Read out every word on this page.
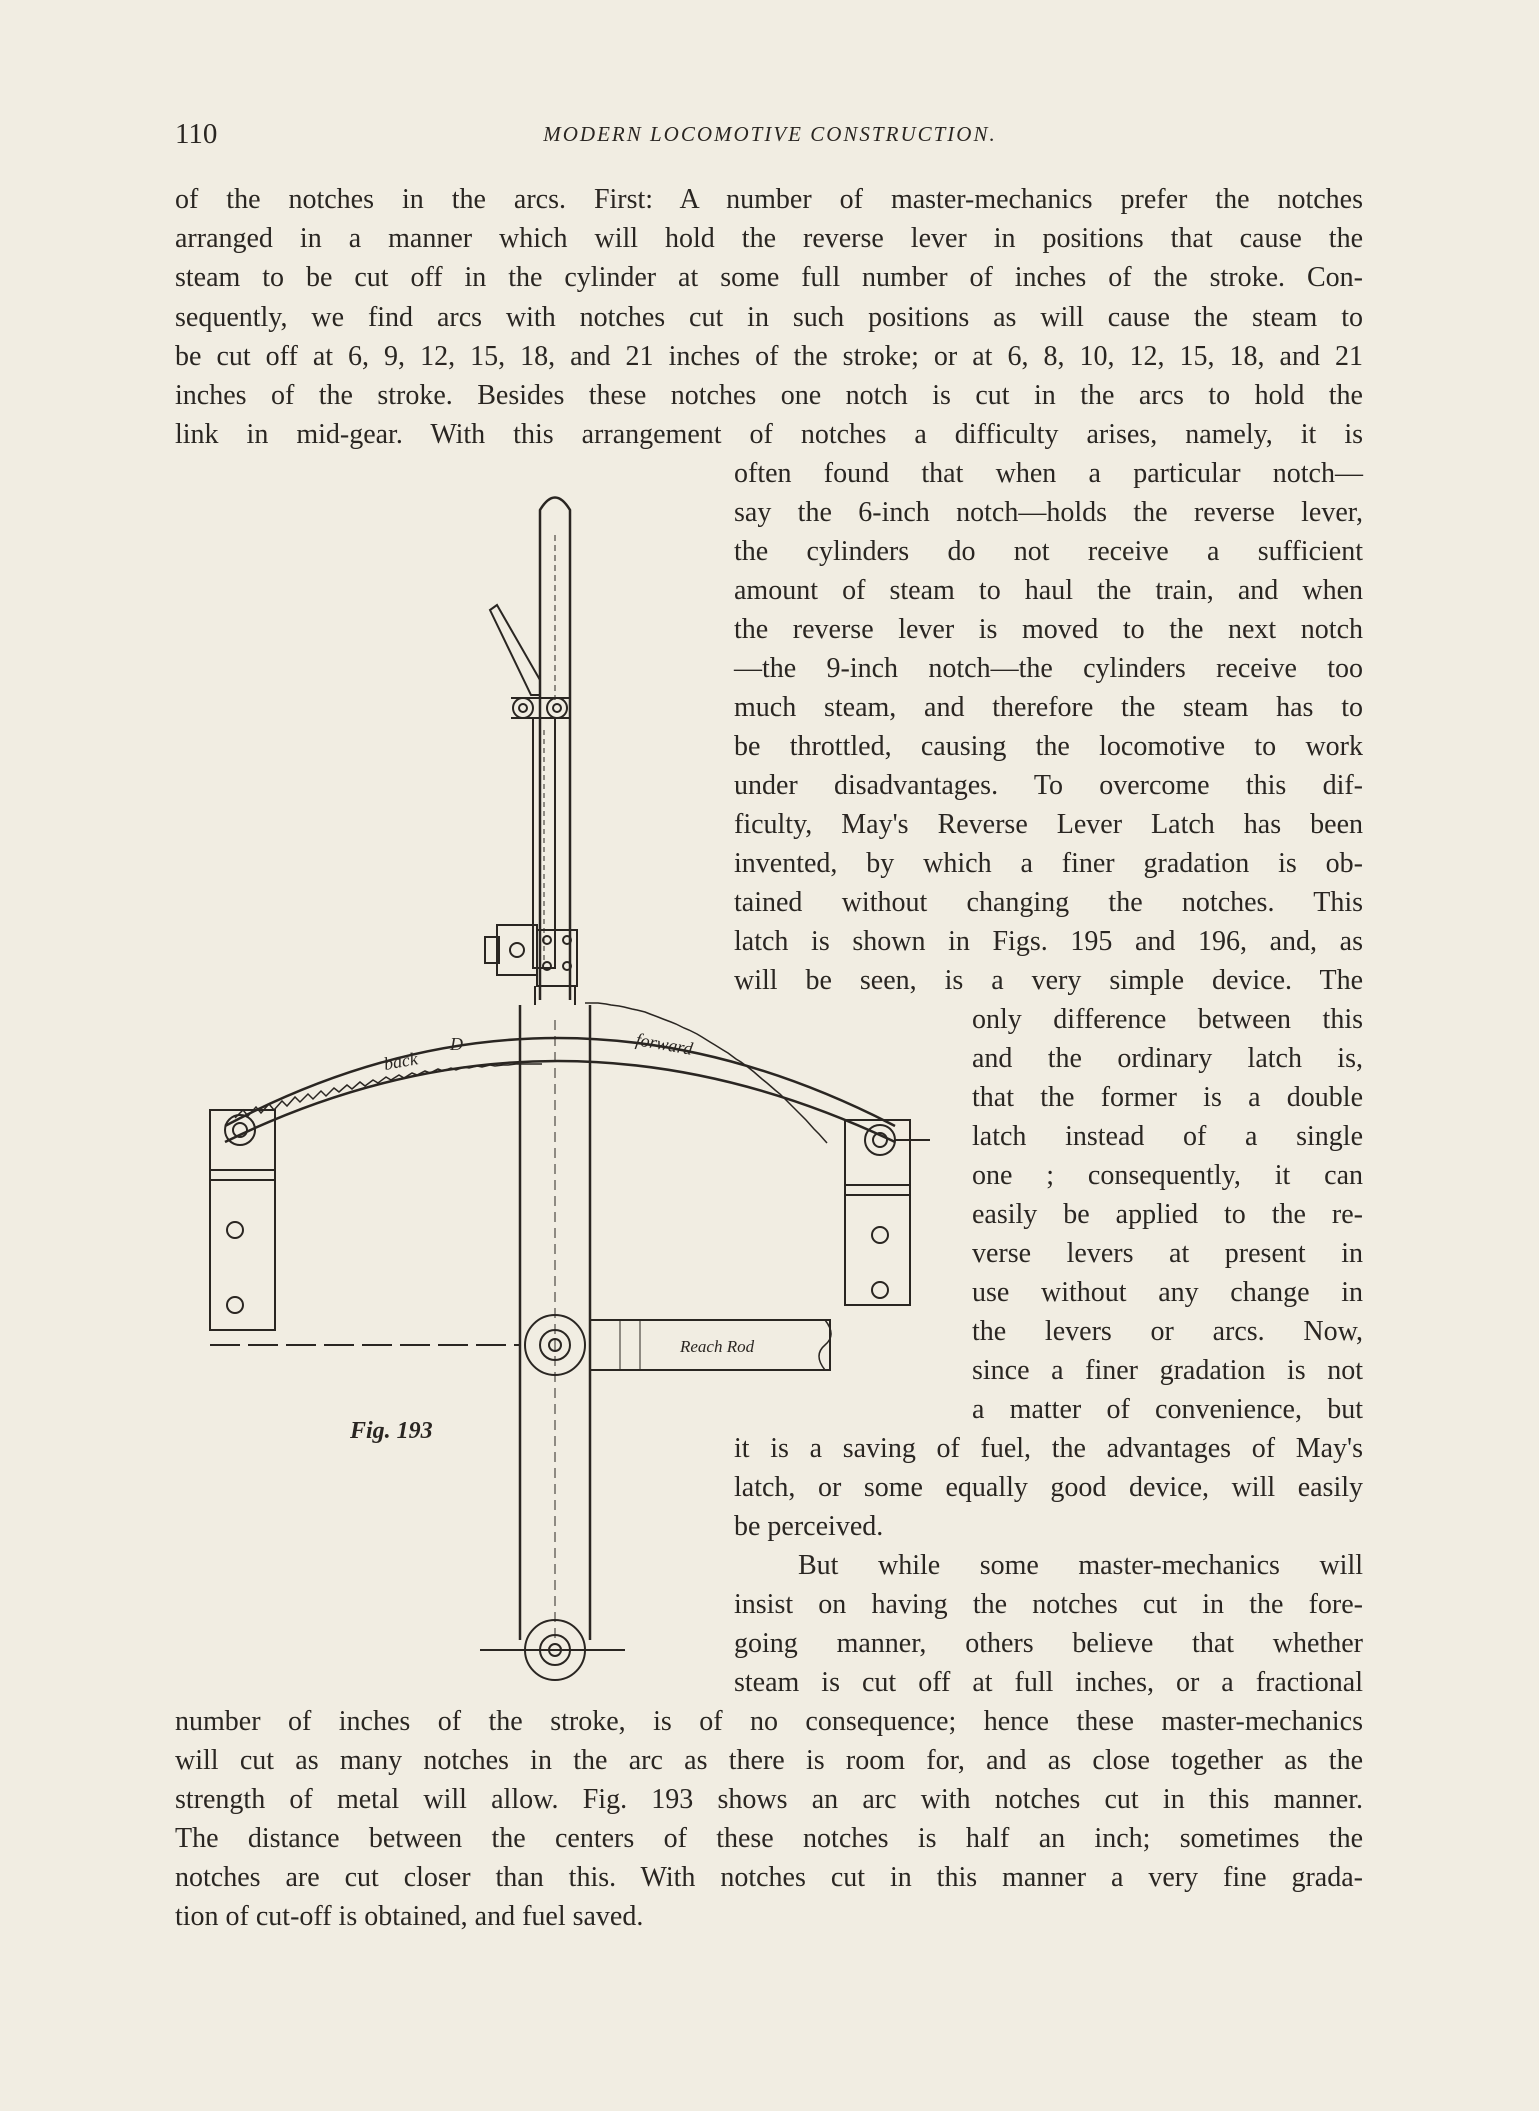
110	MODERN LOCOMOTIVE CONSTRUCTION.
of the notches in the arcs. First: A number of master-mechanics prefer the notches
arranged in a manner which will hold the reverse lever in positions that cause the
steam to be cut off in the cylinder at some full number of inches of the stroke. Con-
sequently, we find arcs with notches cut in such positions as will cause the steam to
be cut off at 6, 9, 12, 15, 18, and 21 inches of the stroke; or at 6, 8, 10, 12, 15, 18, and 21
inches of the stroke. Besides these notches one notch is cut in the arcs to hold the
link in mid-gear. With this arrangement of notches a difficulty arises, namely, it is
often found that when a particular notch—
say the 6-inch notch—holds the reverse lever,
the cylinders do not receive a sufficient
amount of steam to haul the train, and when
the reverse lever is moved to the next notch
—the 9-inch notch—the cylinders receive too
much steam, and therefore the steam has to
be throttled, causing the locomotive to work
under disadvantages. To overcome this dif-
ficulty, May's Reverse Lever Latch has been
invented, by which a finer gradation is ob-
tained without changing the notches. This
latch is shown in Figs. 195 and 196, and, as
will be seen, is a very simple device. The
only difference between this
and the ordinary latch is,
that the former is a double
latch instead of a single
one ; consequently, it can
easily be applied to the re-
verse levers at present in
use without any change in
the levers or arcs. Now,
since a finer gradation is not
a matter of convenience, but
it is a saving of fuel, the advantages of May's
latch, or some equally good device, will easily
be perceived.
But while some master-mechanics will
insist on having the notches cut in the fore-
going manner, others believe that whether
steam is cut off at full inches, or a fractional
number of inches of the stroke, is of no consequence; hence these master-mechanics
will cut as many notches in the arc as there is room for, and as close together as the
strength of metal will allow. Fig. 193 shows an arc with notches cut in this manner.
The distance between the centers of these notches is half an inch; sometimes the
notches are cut closer than this. With notches cut in this manner a very fine grada-
tion of cut-off is obtained, and fuel saved.
back
D	forward
Reach Rod
Fig. 193
